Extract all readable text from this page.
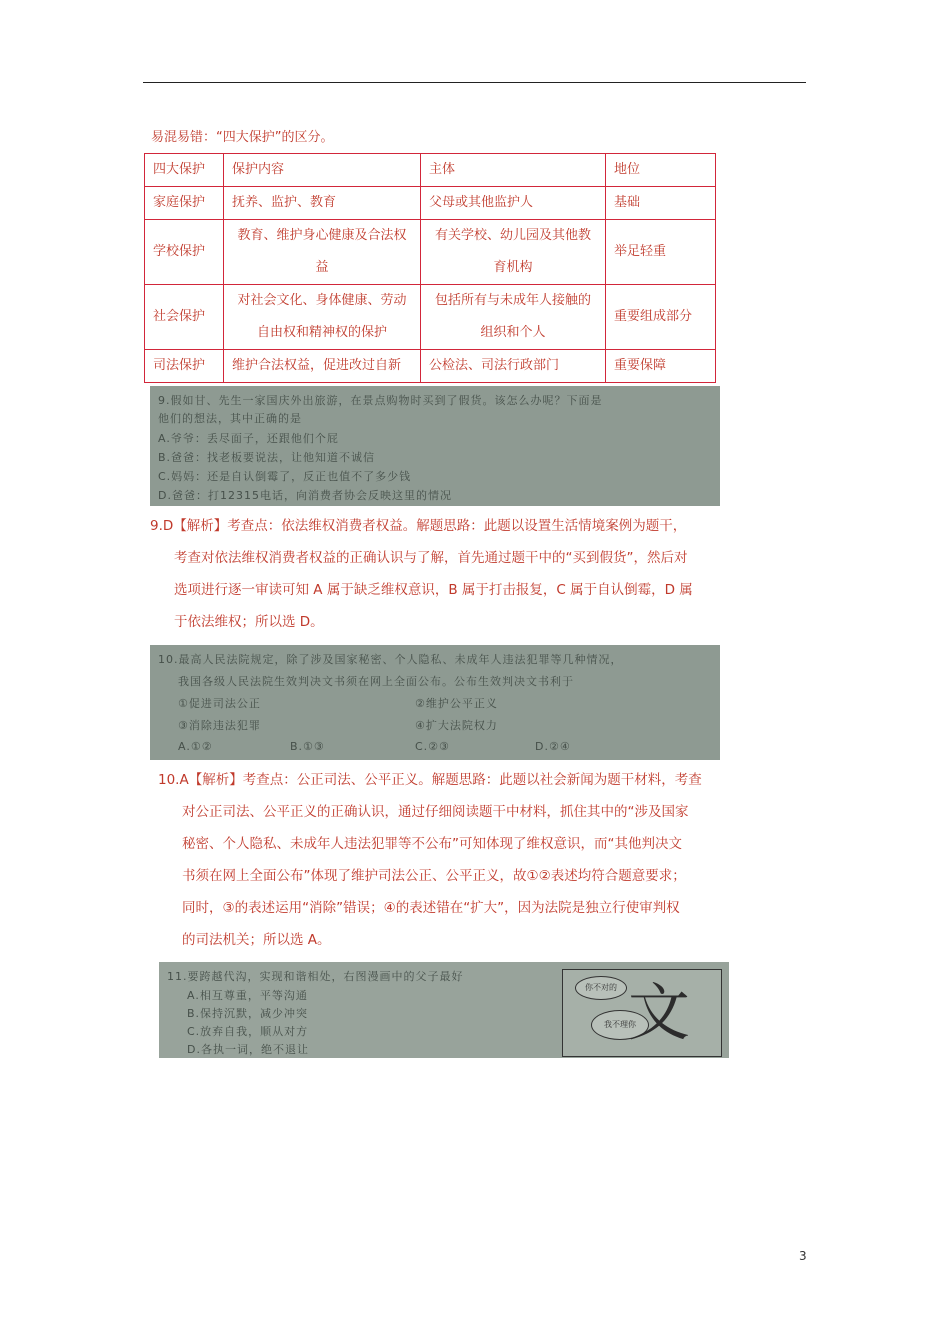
易混易错：“四大保护”的区分。
四大保护	保护内容	主体	地位
家庭保护	抚养、监护、教育	父母或其他监护人	基础
学校保护	教育、维护身心健康及合法权益	有关学校、幼儿园及其他教育机构	举足轻重
社会保护	对社会文化、身体健康、劳动自由权和精神权的保护	包括所有与未成年人接触的组织和个人	重要组成部分
司法保护	维护合法权益，促进改过自新	公检法、司法行政部门	重要保障
9.假如甘、先生一家国庆外出旅游，在景点购物时买到了假货。该怎么办呢？下面是
他们的想法，其中正确的是
A.爷爷：丢尽面子，还跟他们个屁
B.爸爸：找老板要说法，让他知道不诚信
C.妈妈：还是自认倒霉了，反正也值不了多少钱
D.爸爸：打12315电话，向消费者协会反映这里的情况

9.D【解析】考查点：依法维权消费者权益。解题思路：此题以设置生活情境案例为题干，

考查对依法维权消费者权益的正确认识与了解，首先通过题干中的“买到假货”，然后对

选项进行逐一审读可知 A 属于缺乏维权意识，B 属于打击报复，C 属于自认倒霉，D 属

于依法维权；所以选 D。

10.最高人民法院规定，除了涉及国家秘密、个人隐私、未成年人违法犯罪等几种情况，
我国各级人民法院生效判决文书须在网上全面公布。公布生效判决文书利于
①促进司法公正	②维护公平正义
③消除违法犯罪	④扩大法院权力
A.①②	B.①③	C.②③	D.②④

10.A【解析】考查点：公正司法、公平正义。解题思路：此题以社会新闻为题干材料，考查

对公正司法、公平正义的正确认识，通过仔细阅读题干中材料，抓住其中的“涉及国家

秘密、个人隐私、未成年人违法犯罪等不公布”可知体现了维权意识，而“其他判决文

书须在网上全面公布”体现了维护司法公正、公平正义，故①②表述均符合题意要求；

同时，③的表述运用“消除”错误；④的表述错在“扩大”，因为法院是独立行使审判权

的司法机关；所以选 A。

11.要跨越代沟，实现和谐相处，右图漫画中的父子最好
A.相互尊重，平等沟通
B.保持沉默，减少冲突
C.放弃自我，顺从对方
D.各执一词，绝不退让
你不对的
我不理你
文
3
